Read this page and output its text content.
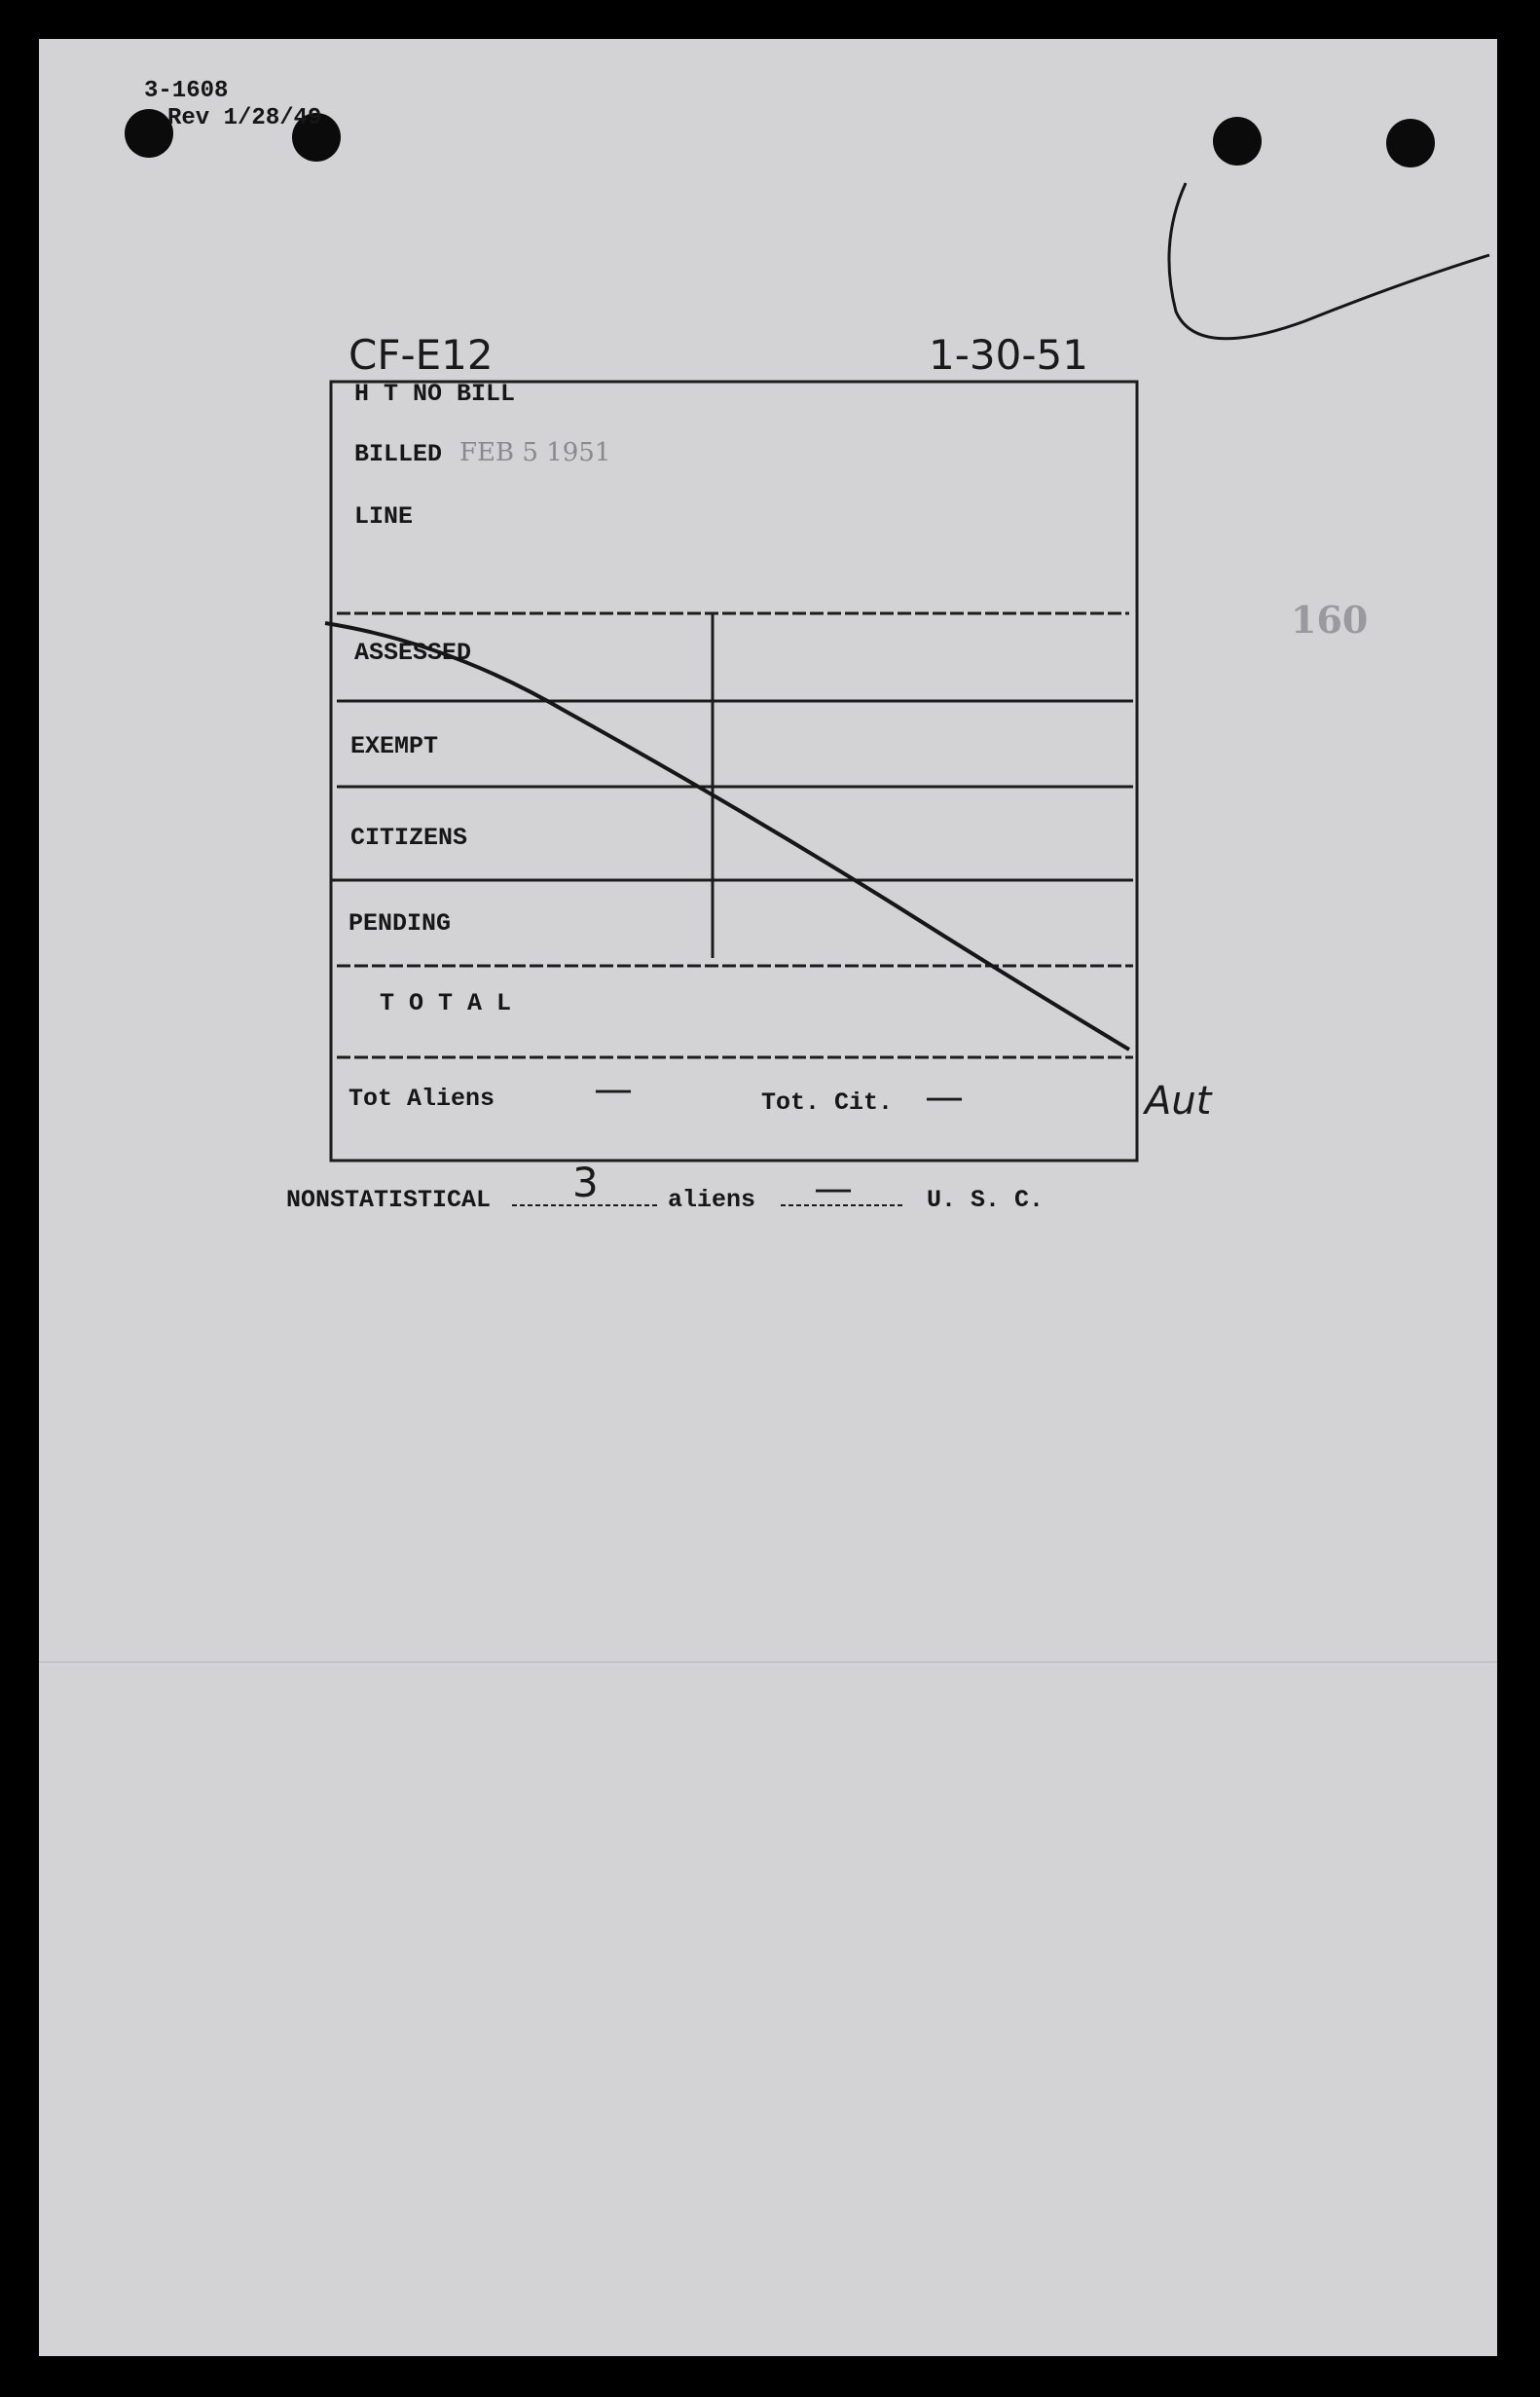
3-1608
Rev 1/28/49
160
CF-E12	1-30-51
H T NO BILL
BILLED FEB 5 1951
LINE
ASSESSED
EXEMPT
CITIZENS
PENDING
T O T A L
Tot Aliens	—	Tot. Cit. —	Aut
NONSTATISTICAL 3	aliens —	U. S. C.
